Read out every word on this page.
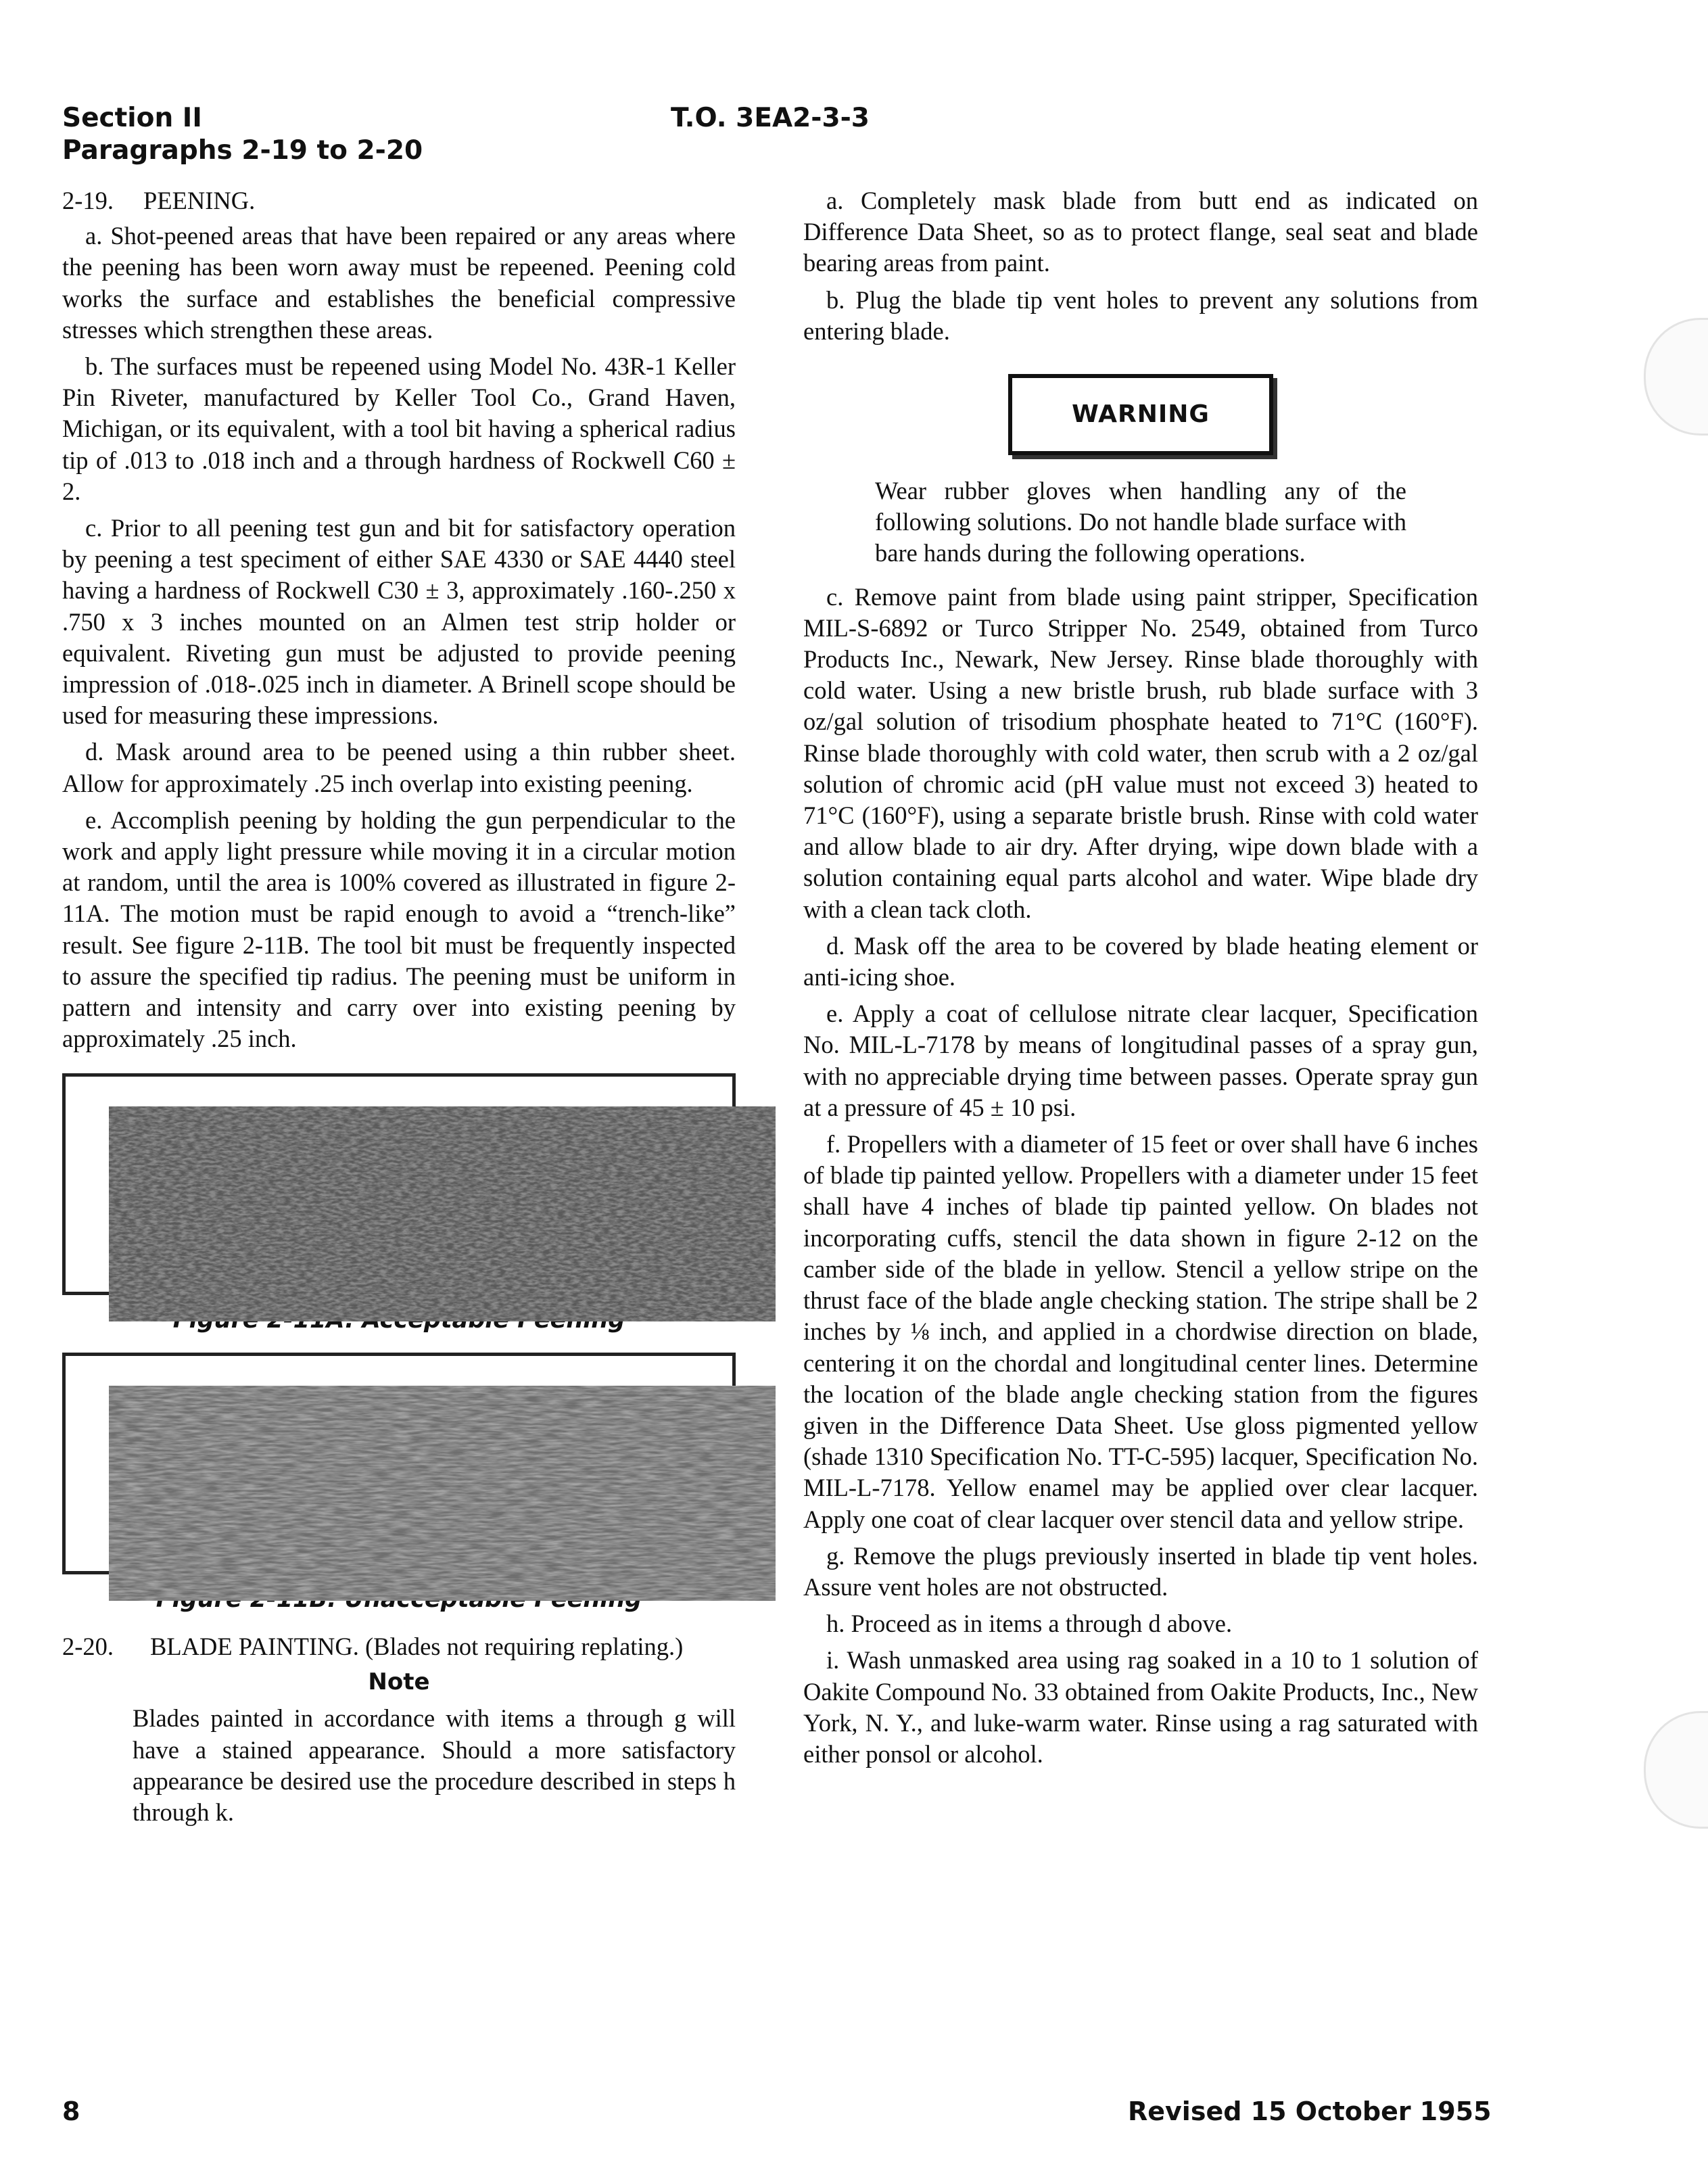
Section II
Paragraphs 2-19 to 2-20
T.O. 3EA2-3-3
2-19. PEENING.

a. Shot-peened areas that have been repaired or any areas where the peening has been worn away must be repeened. Peening cold works the surface and establishes the beneficial compressive stresses which strengthen these areas.

b. The surfaces must be repeened using Model No. 43R-1 Keller Pin Riveter, manufactured by Keller Tool Co., Grand Haven, Michigan, or its equivalent, with a tool bit having a spherical radius tip of .013 to .018 inch and a through hardness of Rockwell C60 ± 2.

c. Prior to all peening test gun and bit for satisfactory operation by peening a test speciment of either SAE 4330 or SAE 4440 steel having a hardness of Rockwell C30 ± 3, approximately .160-.250 x .750 x 3 inches mounted on an Almen test strip holder or equivalent. Riveting gun must be adjusted to provide peening impression of .018-.025 inch in diameter. A Brinell scope should be used for measuring these impressions.

d. Mask around area to be peened using a thin rubber sheet. Allow for approximately .25 inch overlap into existing peening.

e. Accomplish peening by holding the gun perpendicular to the work and apply light pressure while moving it in a circular motion at random, until the area is 100% covered as illustrated in figure 2-11A. The motion must be rapid enough to avoid a “trench-like” result. See figure 2-11B. The tool bit must be frequently inspected to assure the specified tip radius. The peening must be uniform in pattern and intensity and carry over into existing peening by approximately .25 inch.

2-20.	BLADE PAINTING. (Blades not requiring replating.)
Note
Blades painted in accordance with items a through g will have a stained appearance. Should a more satisfactory appearance be desired use the procedure described in steps h through k.

a. Completely mask blade from butt end as indicated on Difference Data Sheet, so as to protect flange, seal seat and blade bearing areas from paint.

b. Plug the blade tip vent holes to prevent any solutions from entering blade.

WARNING
Wear rubber gloves when handling any of the following solutions. Do not handle blade surface with bare hands during the following operations.

c. Remove paint from blade using paint stripper, Specification MIL-S-6892 or Turco Stripper No. 2549, obtained from Turco Products Inc., Newark, New Jersey. Rinse blade thoroughly with cold water. Using a new bristle brush, rub blade surface with 3 oz/gal solution of trisodium phosphate heated to 71°C (160°F). Rinse blade thoroughly with cold water, then scrub with a 2 oz/gal solution of chromic acid (pH value must not exceed 3) heated to 71°C (160°F), using a separate bristle brush. Rinse with cold water and allow blade to air dry. After drying, wipe down blade with a solution containing equal parts alcohol and water. Wipe blade dry with a clean tack cloth.

d. Mask off the area to be covered by blade heating element or anti-icing shoe.

e. Apply a coat of cellulose nitrate clear lacquer, Specification No. MIL-L-7178 by means of longitudinal passes of a spray gun, with no appreciable drying time between passes. Operate spray gun at a pressure of 45 ± 10 psi.

f. Propellers with a diameter of 15 feet or over shall have 6 inches of blade tip painted yellow. Propellers with a diameter under 15 feet shall have 4 inches of blade tip painted yellow. On blades not incorporating cuffs, stencil the data shown in figure 2-12 on the camber side of the blade in yellow. Stencil a yellow stripe on the thrust face of the blade angle checking station. The stripe shall be 2 inches by ⅛ inch, and applied in a chordwise direction on blade, centering it on the chordal and longitudinal center lines. Determine the location of the blade angle checking station from the figures given in the Difference Data Sheet. Use gloss pigmented yellow (shade 1310 Specification No. TT-C-595) lacquer, Specification No. MIL-L-7178. Yellow enamel may be applied over clear lacquer. Apply one coat of clear lacquer over stencil data and yellow stripe.

g. Remove the plugs previously inserted in blade tip vent holes. Assure vent holes are not obstructed.

h. Proceed as in items a through d above.

i. Wash unmasked area using rag soaked in a 10 to 1 solution of Oakite Compound No. 33 obtained from Oakite Products, Inc., New York, N. Y., and luke-warm water. Rinse using a rag saturated with either ponsol or alcohol.

8	Revised 15 October 1955
